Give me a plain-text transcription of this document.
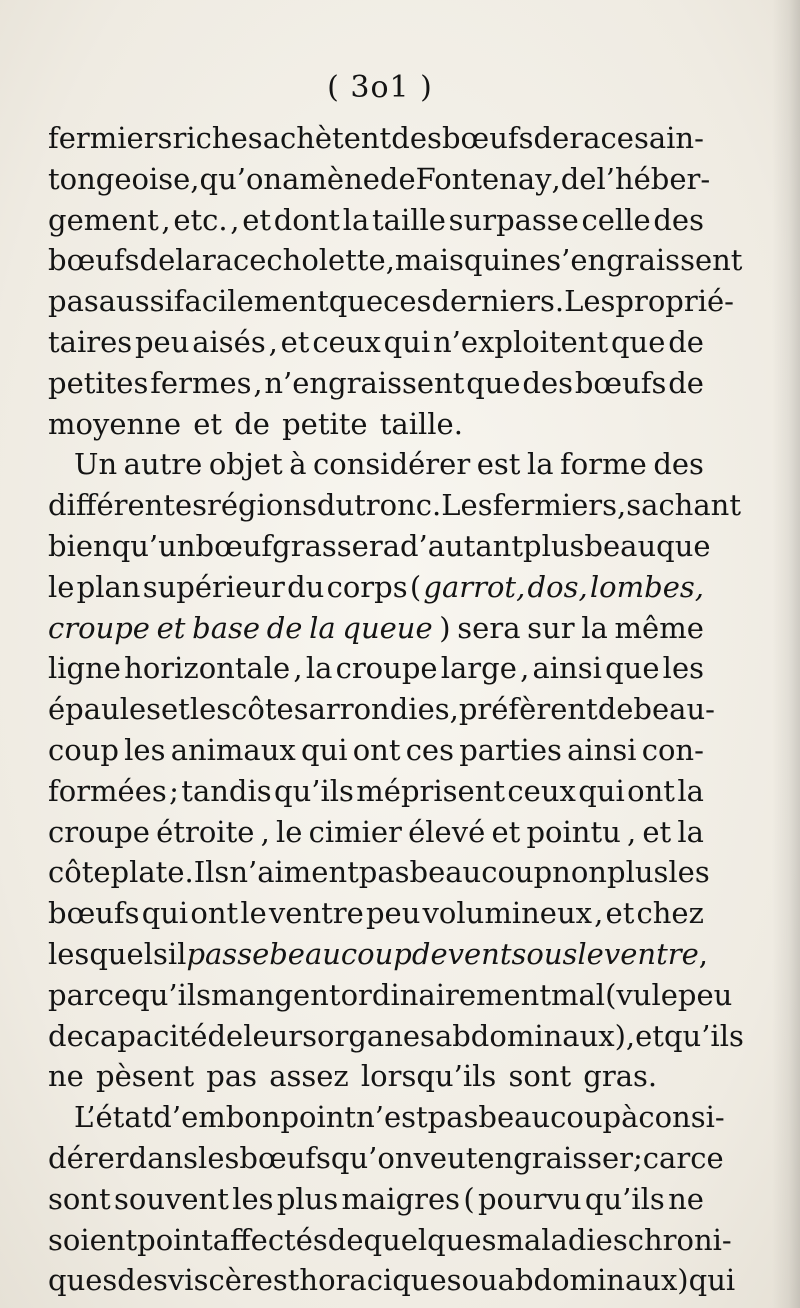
( 3o1 )
fermiers riches achètent des bœufs de race sain-
tongeoise , qu’on amène de Fontenay , de l’héber-
gement , etc. , et dont la taille surpasse celle des
bœufs de la race cholette, mais qui ne s’engraissent
pas aussi facilement que ces derniers. Les proprié-
taires peu aisés , et ceux qui n’exploitent que de
petites fermes , n’engraissent que des bœufs de
moyenne et de petite taille.
Un autre objet à considérer est la forme des
différentes régions du tronc. Les fermiers, sachant
bien qu’un bœuf gras sera d’autant plus beau que
le plan supérieur du corps ( garrot, dos, lombes,
croupe et base de la queue ) sera sur la même
ligne horizontale , la croupe large , ainsi que les
épaules et les côtes arrondies , préfèrent de beau-
coup les animaux qui ont ces parties ainsi con-
formées ; tandis qu’ils méprisent ceux qui ont la
croupe étroite , le cimier élevé et pointu , et la
côte plate. Ils n’aiment pas beaucoup non plus les
bœufs qui ont le ventre peu volumineux , et chez
lesquels il passe beaucoup de vent sous le ventre ,
parce qu’ils mangent ordinairement mal (vu le peu
de capacité de leurs organes abdominaux), et qu’ils
ne pèsent pas assez lorsqu’ils sont gras.
L’état d’embonpoint n’est pas beaucoup à consi-
dérer dans les bœufs qu’on veut engraisser; car ce
sont souvent les plus maigres ( pourvu qu’ils ne
soient point affectés de quelques maladies chroni-
ques des viscères thoraciques ou abdominaux) qui
